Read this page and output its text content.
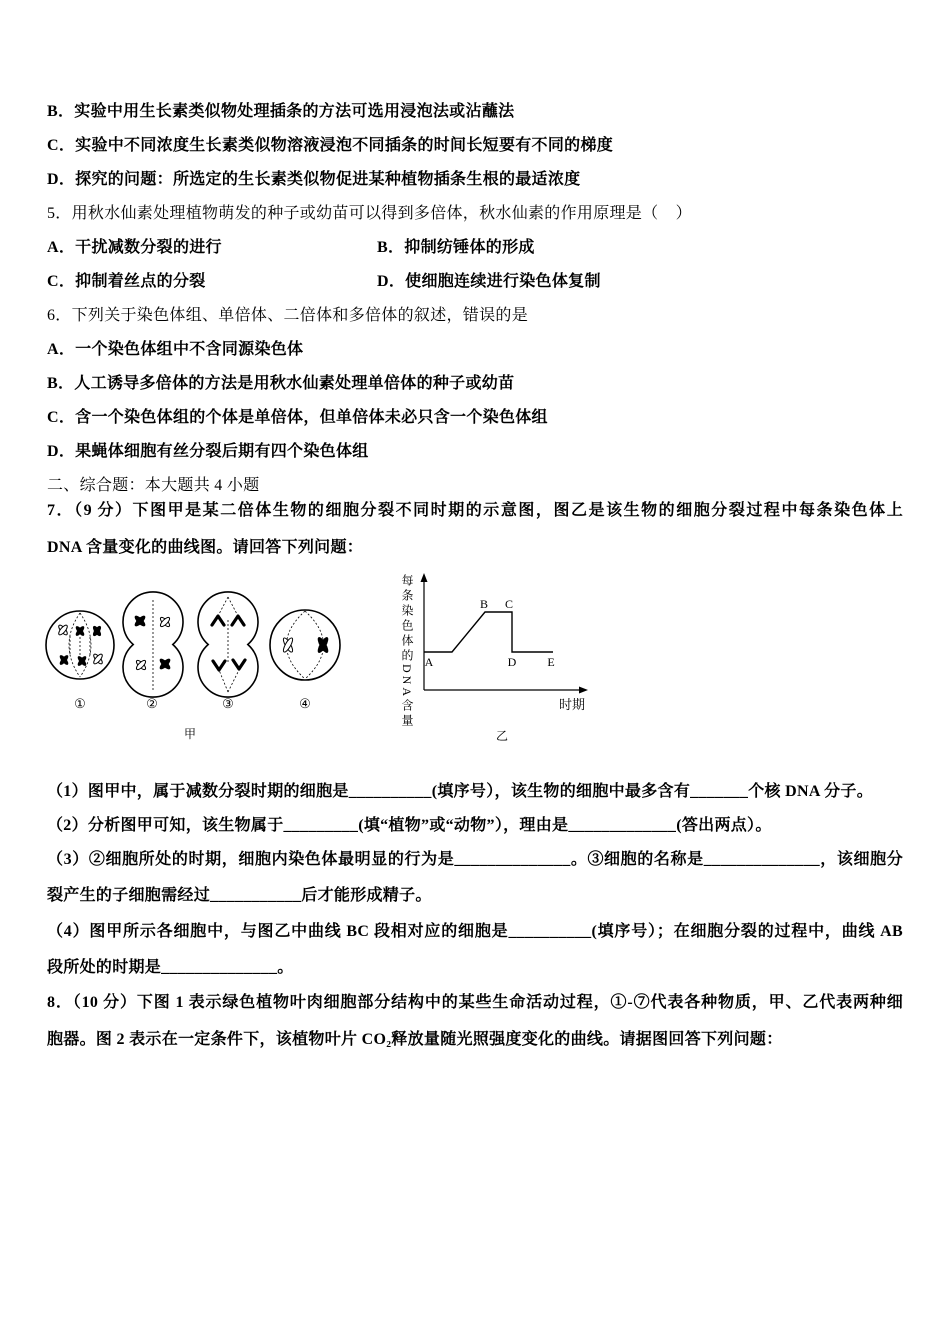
B．实验中用生长素类似物处理插条的方法可选用浸泡法或沾蘸法
C．实验中不同浓度生长素类似物溶液浸泡不同插条的时间长短要有不同的梯度
D．探究的问题：所选定的生长素类似物促进某种植物插条生根的最适浓度
5．用秋水仙素处理植物萌发的种子或幼苗可以得到多倍体，秋水仙素的作用原理是（    ）
A．干扰减数分裂的进行	B．抑制纺锤体的形成
C．抑制着丝点的分裂	D．使细胞连续进行染色体复制
6．下列关于染色体组、单倍体、二倍体和多倍体的叙述，错误的是
A．一个染色体组中不含同源染色体
B．人工诱导多倍体的方法是用秋水仙素处理单倍体的种子或幼苗
C．含一个染色体组的个体是单倍体，但单倍体未必只含一个染色体组
D．果蝇体细胞有丝分裂后期有四个染色体组
二、综合题：本大题共 4 小题
7．（9 分）下图甲是某二倍体生物的细胞分裂不同时期的示意图，图乙是该生物的细胞分裂过程中每条染色体上
DNA 含量变化的曲线图。请回答下列问题：
①	②	③	④
甲
A
B C
D	E
时期
乙
每条染色体的DNA含量
（1）图甲中，属于减数分裂时期的细胞是__________(填序号），该生物的细胞中最多含有_______个核 DNA 分子。
（2）分析图甲可知，该生物属于_________(填“植物”或“动物”），理由是_____________(答出两点）。
（3）②细胞所处的时期，细胞内染色体最明显的行为是______________。③细胞的名称是______________，该细胞分
裂产生的子细胞需经过___________后才能形成精子。
（4）图甲所示各细胞中，与图乙中曲线 BC 段相对应的细胞是__________(填序号）；在细胞分裂的过程中，曲线 AB
段所处的时期是______________。
8．（10 分）下图 1 表示绿色植物叶肉细胞部分结构中的某些生命活动过程，①-⑦代表各种物质，甲、乙代表两种细
胞器。图 2 表示在一定条件下，该植物叶片 CO₂释放量随光照强度变化的曲线。请据图回答下列问题：
